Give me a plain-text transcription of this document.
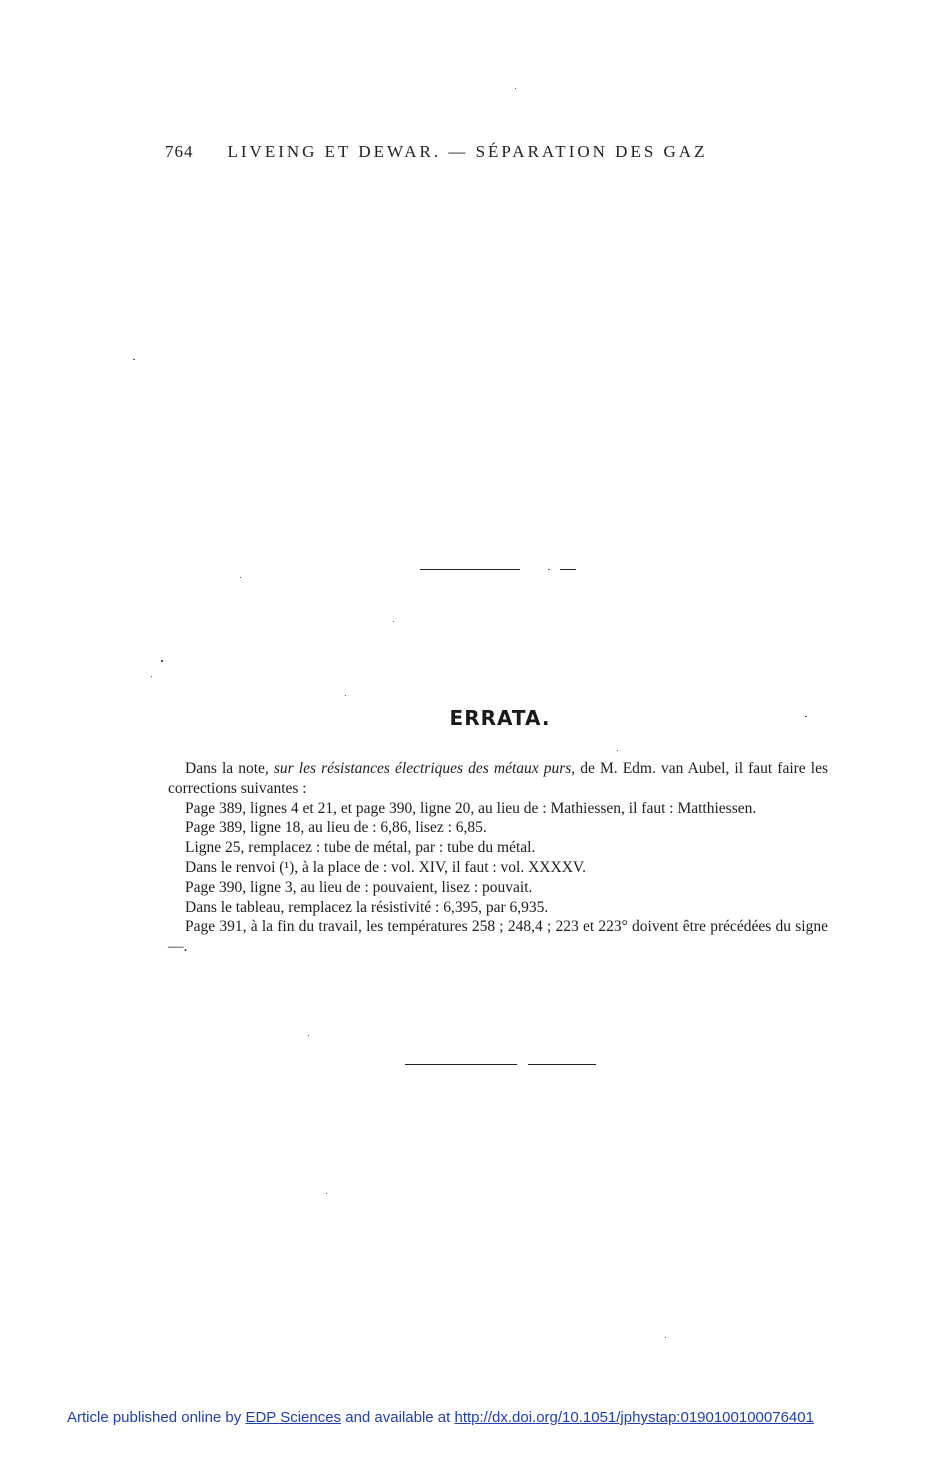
764 LIVEING ET DEWAR. — SÉPARATION DES GAZ
ERRATA.

Dans la note, sur les résistances électriques des métaux purs, de M. Edm. van Aubel, il faut faire les corrections suivantes :

Page 389, lignes 4 et 21, et page 390, ligne 20, au lieu de : Mathiessen, il faut : Matthiessen.

Page 389, ligne 18, au lieu de : 6,86, lisez : 6,85.

Ligne 25, remplacez : tube de métal, par : tube du métal.

Dans le renvoi (¹), à la place de : vol. XIV, il faut : vol. XXXXV.

Page 390, ligne 3, au lieu de : pouvaient, lisez : pouvait.

Dans le tableau, remplacez la résistivité : 6,395, par 6,935.

Page 391, à la fin du travail, les températures 258 ; 248,4 ; 223 et 223° doivent être précédées du signe —.

Article published online by EDP Sciences and available at http://dx.doi.org/10.1051/jphystap:0190100100076401
